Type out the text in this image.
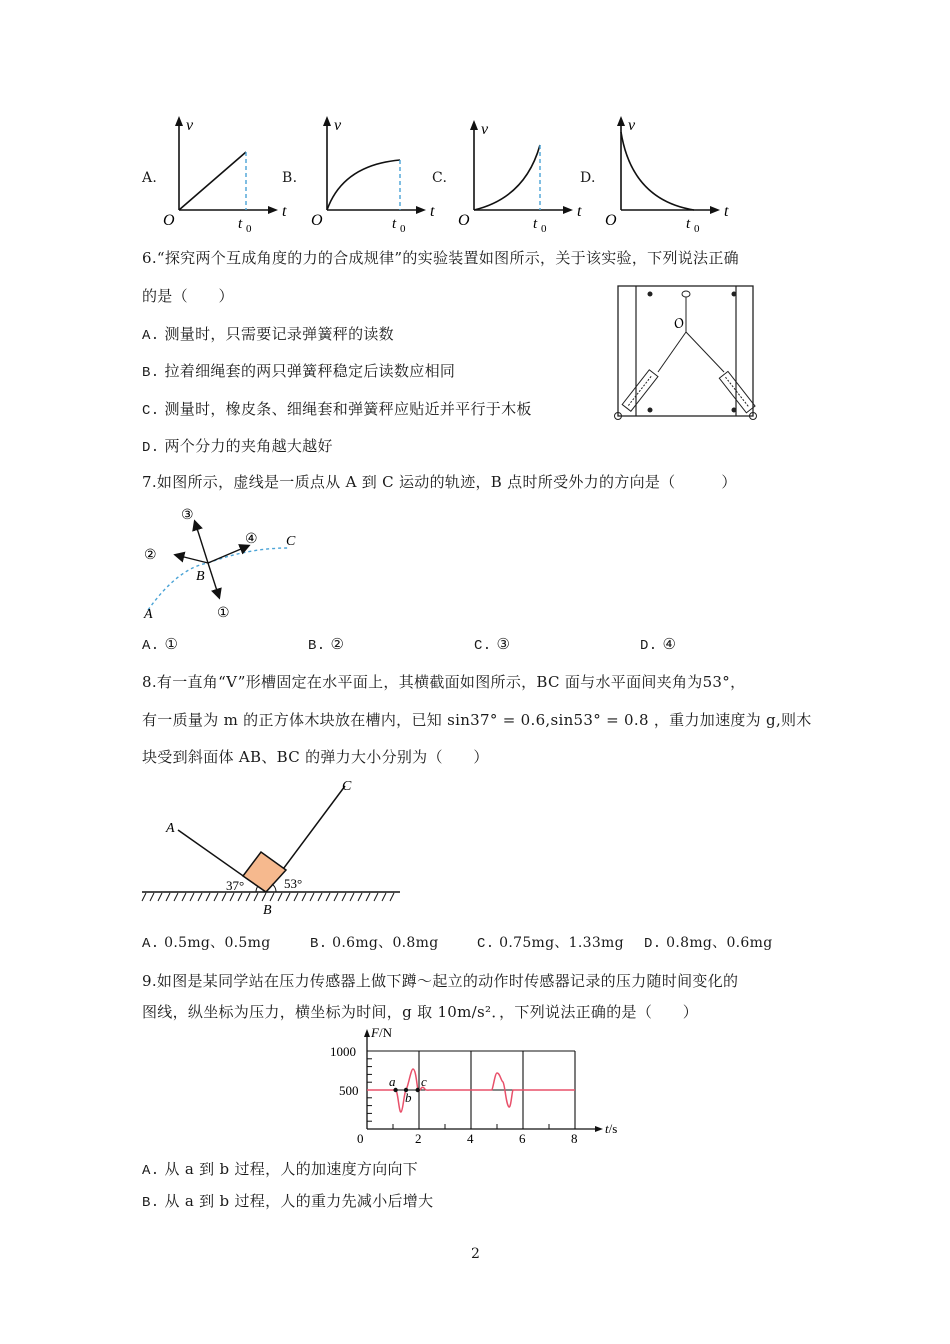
A.
v
t
O	t 0
B.
v
t
O	t 0
C.
v
t
O	t 0
D.
v
t
O	t 0
6.“探究两个互成角度的力的合成规律”的实验装置如图所示，关于该实验，下列说法正确
的是（　　）
O
A. 测量时，只需要记录弹簧秤的读数
B. 拉着细绳套的两只弹簧秤稳定后读数应相同
C. 测量时，橡皮条、细绳套和弹簧秤应贴近并平行于木板
D. 两个分力的夹角越大越好
7.如图所示，虚线是一质点从 A 到 C 运动的轨迹，B 点时所受外力的方向是（　　　）
③
②
④
①
C
B
A
A. ①	B. ②	C. ③	D. ④
8.有一直角“V”形槽固定在水平面上，其横截面如图所示，BC 面与水平面间夹角为53°，
有一质量为 m 的正方体木块放在槽内，已知 sin37° = 0.6,sin53° = 0.8 ，重力加速度为 g,则木
块受到斜面体 AB、BC 的弹力大小分别为（　　）
37°	53°
A
C
B
A. 0.5mg、0.5mg	B. 0.6mg、0.8mg	C. 0.75mg、1.33mg D. 0.8mg、0.6mg
9.如图是某同学站在压力传感器上做下蹲～起立的动作时传感器记录的压力随时间变化的
图线，纵坐标为压力，横坐标为时间，g 取 10m/s²．，下列说法正确的是（　　）
a
b
c
F/N
1000
500
0	2	4	6	8
t/s
A. 从 a 到 b 过程，人的加速度方向向下
B. 从 a 到 b 过程，人的重力先减小后增大
2
